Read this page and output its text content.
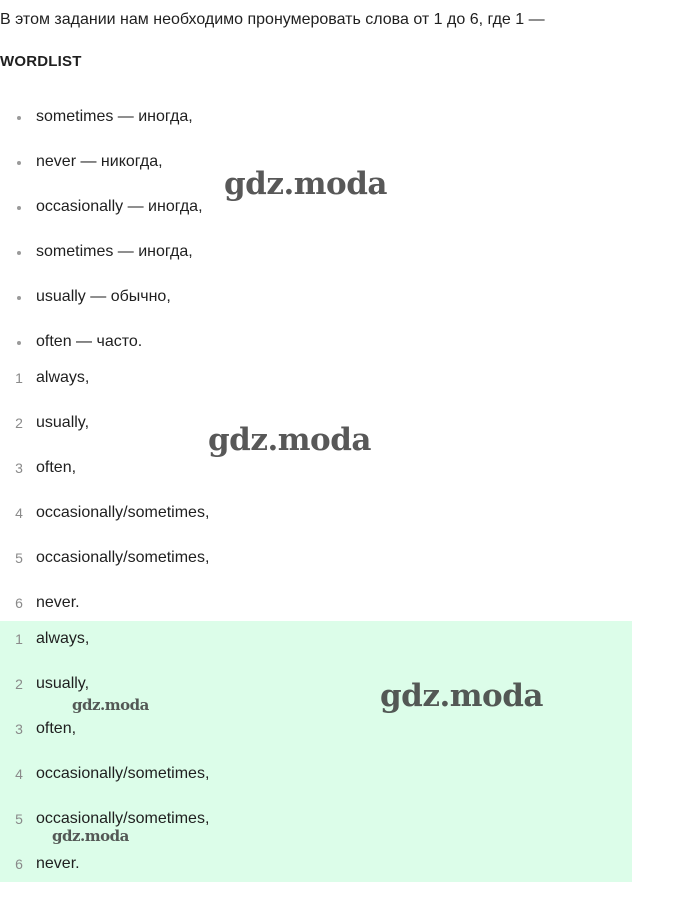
В этом задании нам необходимо пронумеровать слова от 1 до 6, где 1 —
WORDLIST
sometimes — иногда,
never — никогда,
occasionally — иногда,
sometimes — иногда,
usually — обычно,
often — часто.
1 always,
2 usually,
3 often,
4 occasionally/sometimes,
5 occasionally/sometimes,
6 never.
1 always,
2 usually,
3 often,
4 occasionally/sometimes,
5 occasionally/sometimes,
6 never.
gdz.moda
gdz.moda
gdz.moda
gdz.moda
gdz.moda
